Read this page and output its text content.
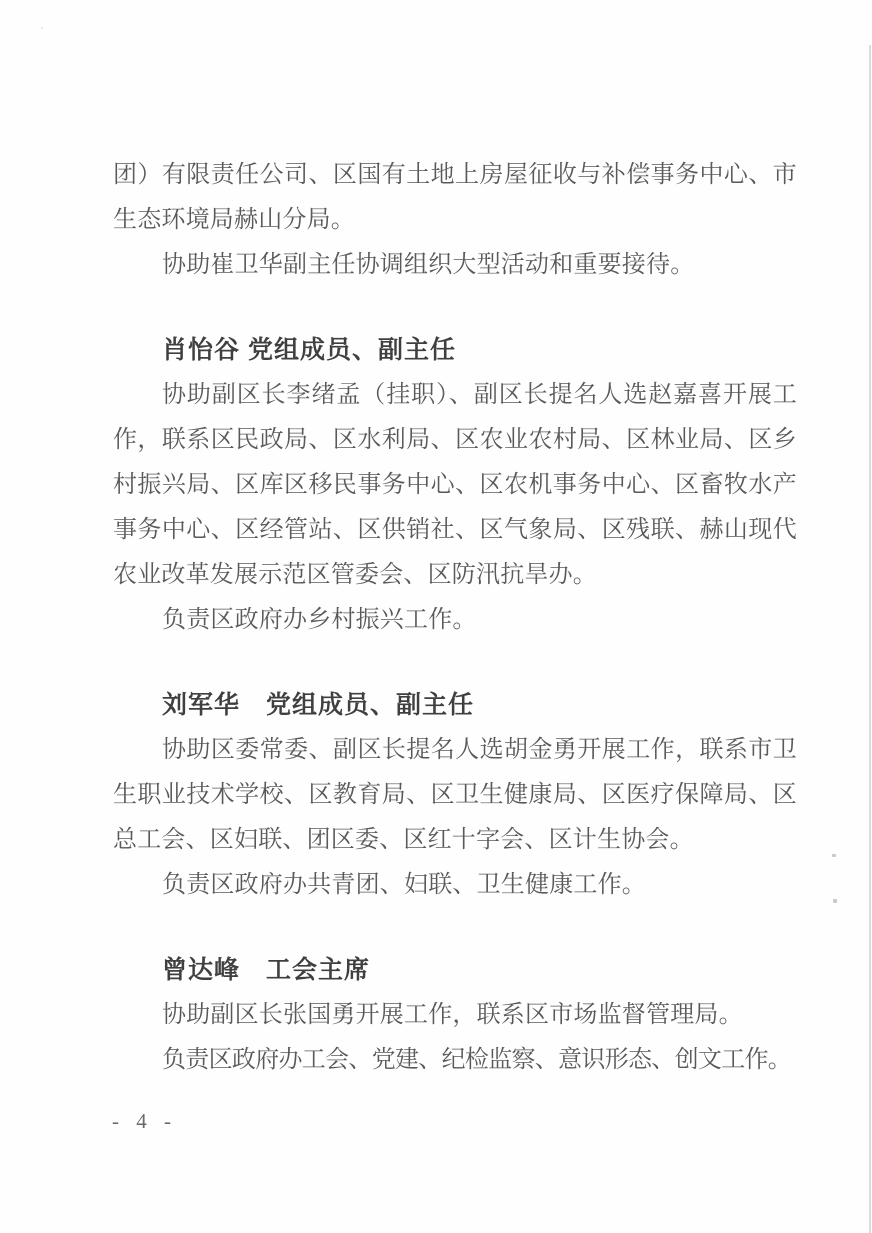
团）有限责任公司、区国有土地上房屋征收与补偿事务中心、市
生态环境局赫山分局。
协助崔卫华副主任协调组织大型活动和重要接待。
肖怡谷 党组成员、副主任
协助副区长李绪孟（挂职）、副区长提名人选赵嘉喜开展工
作，联系区民政局、区水利局、区农业农村局、区林业局、区乡
村振兴局、区库区移民事务中心、区农机事务中心、区畜牧水产
事务中心、区经管站、区供销社、区气象局、区残联、赫山现代
农业改革发展示范区管委会、区防汛抗旱办。
负责区政府办乡村振兴工作。
刘军华　党组成员、副主任
协助区委常委、副区长提名人选胡金勇开展工作，联系市卫
生职业技术学校、区教育局、区卫生健康局、区医疗保障局、区
总工会、区妇联、团区委、区红十字会、区计生协会。
负责区政府办共青团、妇联、卫生健康工作。
曾达峰　工会主席
协助副区长张国勇开展工作，联系区市场监督管理局。
负责区政府办工会、党建、纪检监察、意识形态、创文工作。
- 4 -
